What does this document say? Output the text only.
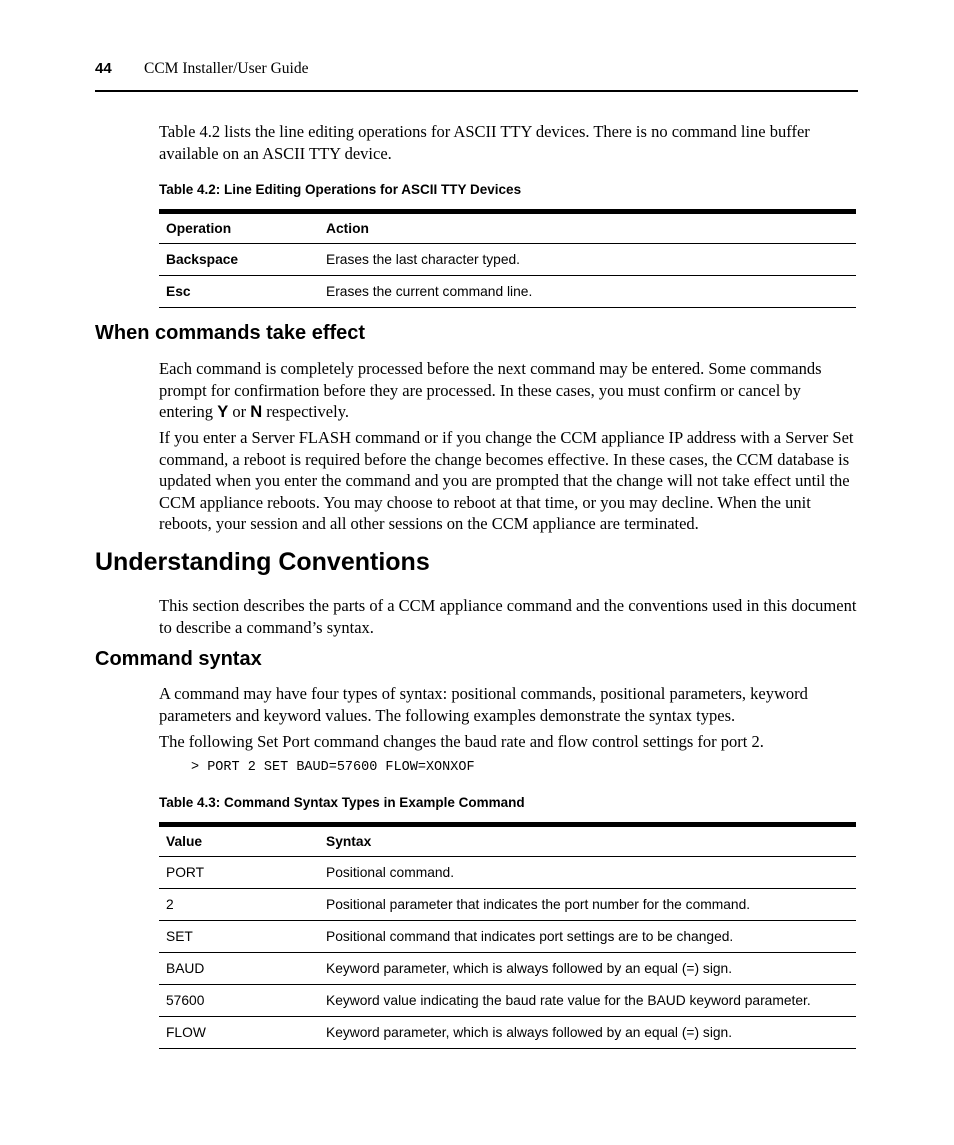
44 CCM Installer/User Guide

Table 4.2 lists the line editing operations for ASCII TTY devices. There is no command line buffer available on an ASCII TTY device.

Table 4.2: Line Editing Operations for ASCII TTY Devices
Operation	Action
Backspace	Erases the last character typed.
Esc	Erases the current command line.
When commands take effect

Each command is completely processed before the next command may be entered. Some commands prompt for confirmation before they are processed. In these cases, you must confirm or cancel by entering Y or N respectively.

If you enter a Server FLASH command or if you change the CCM appliance IP address with a Server Set command, a reboot is required before the change becomes effective. In these cases, the CCM database is updated when you enter the command and you are prompted that the change will not take effect until the CCM appliance reboots. You may choose to reboot at that time, or you may decline. When the unit reboots, your session and all other sessions on the CCM appliance are terminated.

Understanding Conventions

This section describes the parts of a CCM appliance command and the conventions used in this document to describe a command’s syntax.

Command syntax

A command may have four types of syntax: positional commands, positional parameters, keyword parameters and keyword values. The following examples demonstrate the syntax types.

The following Set Port command changes the baud rate and flow control settings for port 2.

> PORT 2 SET BAUD=57600 FLOW=XONXOF
Table 4.3: Command Syntax Types in Example Command
Value	Syntax
PORT	Positional command.
2	Positional parameter that indicates the port number for the command.
SET	Positional command that indicates port settings are to be changed.
BAUD	Keyword parameter, which is always followed by an equal (=) sign.
57600	Keyword value indicating the baud rate value for the BAUD keyword parameter.
FLOW	Keyword parameter, which is always followed by an equal (=) sign.
